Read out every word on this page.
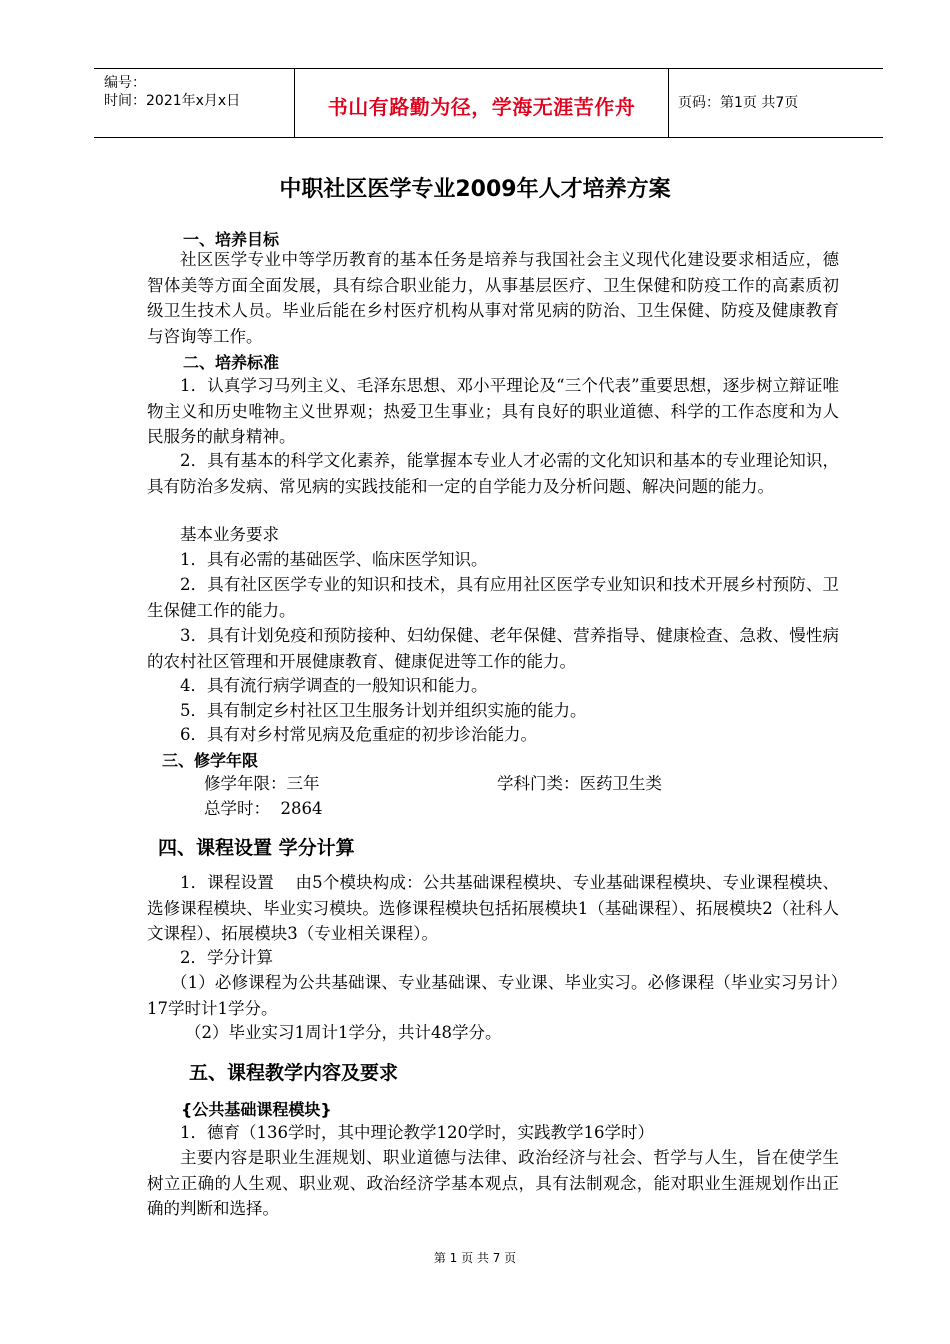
编号：
时间：2021年x月x日	书山有路勤为径，学海无涯苦作舟	页码：第1页 共7页
中职社区医学专业2009年人才培养方案
一、培养目标
社区医学专业中等学历教育的基本任务是培养与我国社会主义现代化建设要求相适应，德智体美等方面全面发展，具有综合职业能力，从事基层医疗、卫生保健和防疫工作的高素质初级卫生技术人员。毕业后能在乡村医疗机构从事对常见病的防治、卫生保健、防疫及健康教育与咨询等工作。
二、培养标准
1．认真学习马列主义、毛泽东思想、邓小平理论及“三个代表”重要思想，逐步树立辩证唯物主义和历史唯物主义世界观；热爱卫生事业；具有良好的职业道德、科学的工作态度和为人民服务的献身精神。
2．具有基本的科学文化素养，能掌握本专业人才必需的文化知识和基本的专业理论知识，具有防治多发病、常见病的实践技能和一定的自学能力及分析问题、解决问题的能力。
基本业务要求
1．具有必需的基础医学、临床医学知识。
2．具有社区医学专业的知识和技术，具有应用社区医学专业知识和技术开展乡村预防、卫生保健工作的能力。
3．具有计划免疫和预防接种、妇幼保健、老年保健、营养指导、健康检查、急救、慢性病的农村社区管理和开展健康教育、健康促进等工作的能力。
4．具有流行病学调查的一般知识和能力。
5．具有制定乡村社区卫生服务计划并组织实施的能力。
6．具有对乡村常见病及危重症的初步诊治能力。
三、修学年限
修学年限：三年	学科门类：医药卫生类
总学时：  2864
四、课程设置 学分计算
1．课程设置    由5个模块构成：公共基础课程模块、专业基础课程模块、专业课程模块、选修课程模块、毕业实习模块。选修课程模块包括拓展模块1（基础课程）、拓展模块2（社科人文课程）、拓展模块3（专业相关课程）。
2．学分计算
（1）必修课程为公共基础课、专业基础课、专业课、毕业实习。必修课程（毕业实习另计）17学时计1学分。
（2）毕业实习1周计1学分，共计48学分。
五、课程教学内容及要求
{公共基础课程模块}
1．德育（136学时，其中理论教学120学时，实践教学16学时）
主要内容是职业生涯规划、职业道德与法律、政治经济与社会、哲学与人生，旨在使学生树立正确的人生观、职业观、政治经济学基本观点，具有法制观念，能对职业生涯规划作出正确的判断和选择。
第 1 页 共 7 页
